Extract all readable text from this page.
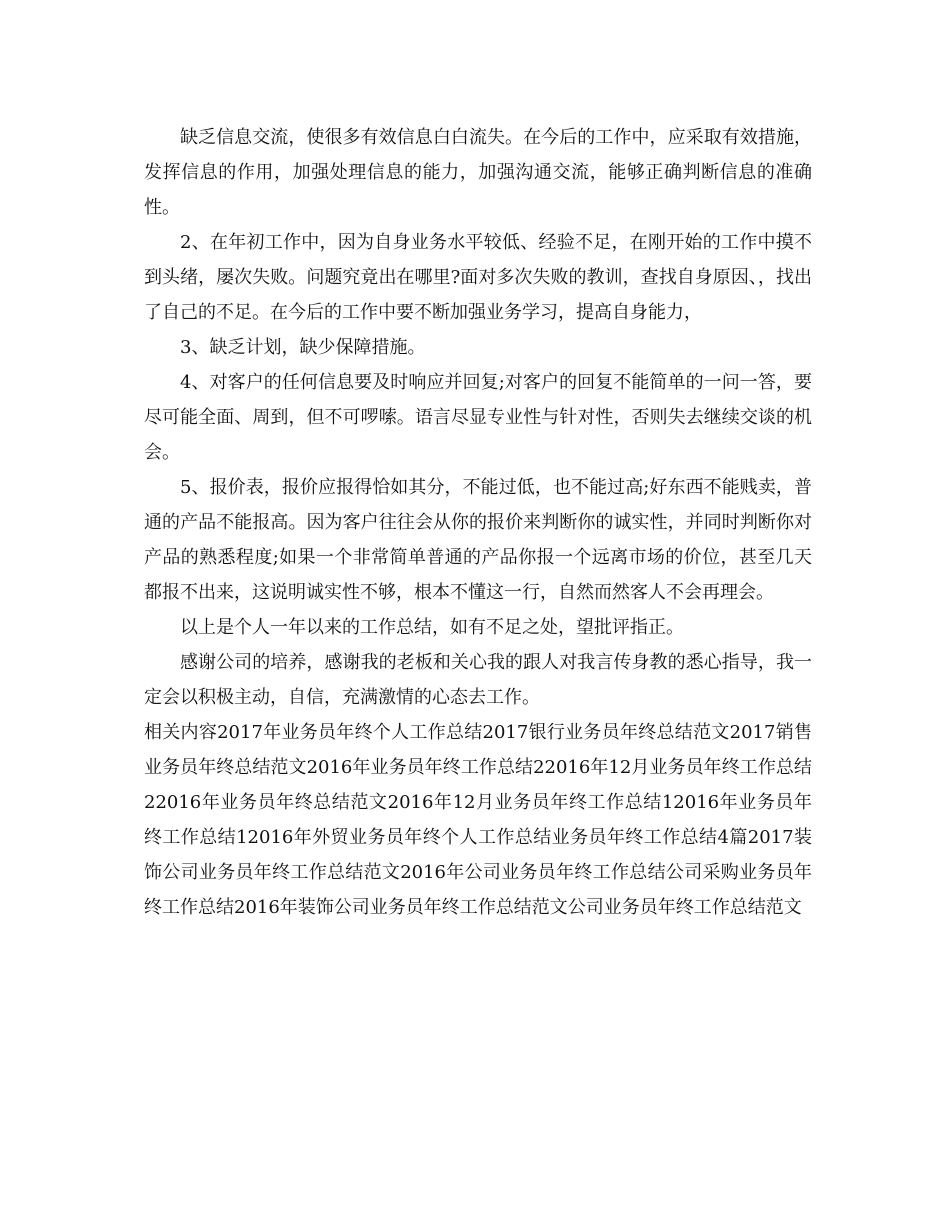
缺乏信息交流，使很多有效信息白白流失。在今后的工作中，应采取有效措施，发挥信息的作用，加强处理信息的能力，加强沟通交流，能够正确判断信息的准确性。

2、在年初工作中，因为自身业务水平较低、经验不足，在刚开始的工作中摸不到头绪，屡次失败。问题究竟出在哪里?面对多次失败的教训，查找自身原因、，找出了自己的不足。在今后的工作中要不断加强业务学习，提高自身能力，

3、缺乏计划，缺少保障措施。

4、对客户的任何信息要及时响应并回复;对客户的回复不能简单的一问一答，要尽可能全面、周到，但不可啰嗦。语言尽显专业性与针对性，否则失去继续交谈的机会。

5、报价表，报价应报得恰如其分，不能过低，也不能过高;好东西不能贱卖，普通的产品不能报高。因为客户往往会从你的报价来判断你的诚实性，并同时判断你对产品的熟悉程度;如果一个非常简单普通的产品你报一个远离市场的价位，甚至几天都报不出来，这说明诚实性不够，根本不懂这一行，自然而然客人不会再理会。

以上是个人一年以来的工作总结，如有不足之处，望批评指正。

感谢公司的培养，感谢我的老板和关心我的跟人对我言传身教的悉心指导，我一定会以积极主动，自信，充满激情的心态去工作。

相关内容2017年业务员年终个人工作总结2017银行业务员年终总结范文2017销售业务员年终总结范文2016年业务员年终工作总结22016年12月业务员年终工作总结22016年业务员年终总结范文2016年12月业务员年终工作总结12016年业务员年终工作总结12016年外贸业务员年终个人工作总结业务员年终工作总结4篇2017装饰公司业务员年终工作总结范文2016年公司业务员年终工作总结公司采购业务员年终工作总结2016年装饰公司业务员年终工作总结范文公司业务员年终工作总结范文
